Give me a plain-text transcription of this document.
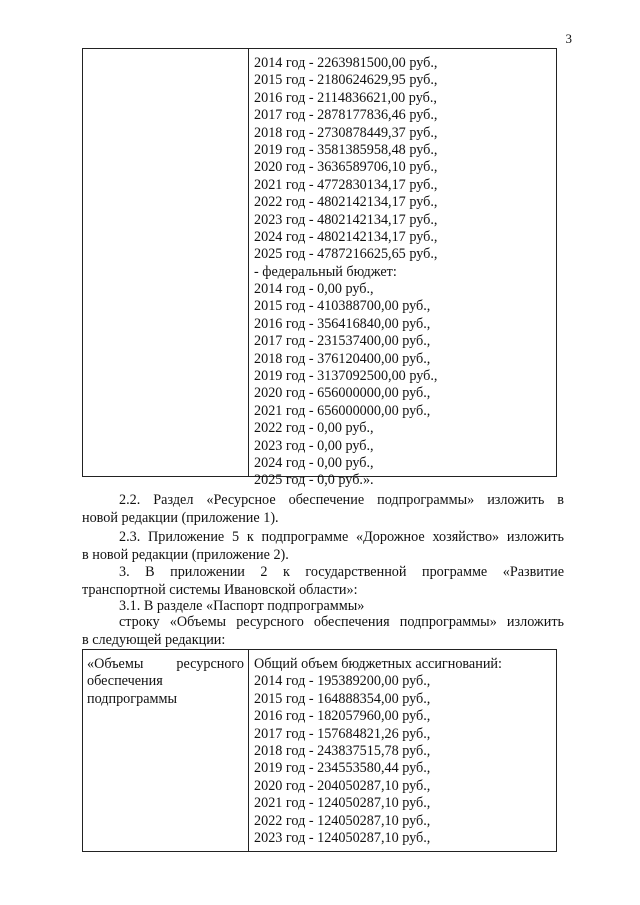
3
2014 год - 2263981500,00 руб.,
2015 год - 2180624629,95 руб.,
2016 год - 2114836621,00 руб.,
2017 год - 2878177836,46 руб.,
2018 год - 2730878449,37 руб.,
2019 год - 3581385958,48 руб.,
2020 год - 3636589706,10 руб.,
2021 год - 4772830134,17 руб.,
2022 год - 4802142134,17 руб.,
2023 год - 4802142134,17 руб.,
2024 год - 4802142134,17 руб.,
2025 год - 4787216625,65 руб.,
- федеральный бюджет:
2014 год - 0,00 руб.,
2015 год - 410388700,00 руб.,
2016 год - 356416840,00 руб.,
2017 год - 231537400,00 руб.,
2018 год - 376120400,00 руб.,
2019 год - 3137092500,00 руб.,
2020 год - 656000000,00 руб.,
2021 год - 656000000,00 руб.,
2022 год - 0,00 руб.,
2023 год - 0,00 руб.,
2024 год - 0,00 руб.,
2025 год - 0,0 руб.».
2.2. Раздел «Ресурсное обеспечение подпрограммы» изложить в
новой редакции (приложение 1).
2.3. Приложение 5 к подпрограмме «Дорожное хозяйство» изложить
в новой редакции (приложение 2).
3. В приложении 2 к государственной программе «Развитие
транспортной системы Ивановской области»:
3.1. В разделе «Паспорт подпрограммы»
строку «Объемы ресурсного обеспечения подпрограммы» изложить
в следующей редакции:
«Объемы ресурсного
обеспечения
подпрограммы
Общий объем бюджетных ассигнований:
2014 год - 195389200,00 руб.,
2015 год - 164888354,00 руб.,
2016 год - 182057960,00 руб.,
2017 год - 157684821,26 руб.,
2018 год - 243837515,78 руб.,
2019 год - 234553580,44 руб.,
2020 год - 204050287,10 руб.,
2021 год - 124050287,10 руб.,
2022 год - 124050287,10 руб.,
2023 год - 124050287,10 руб.,
